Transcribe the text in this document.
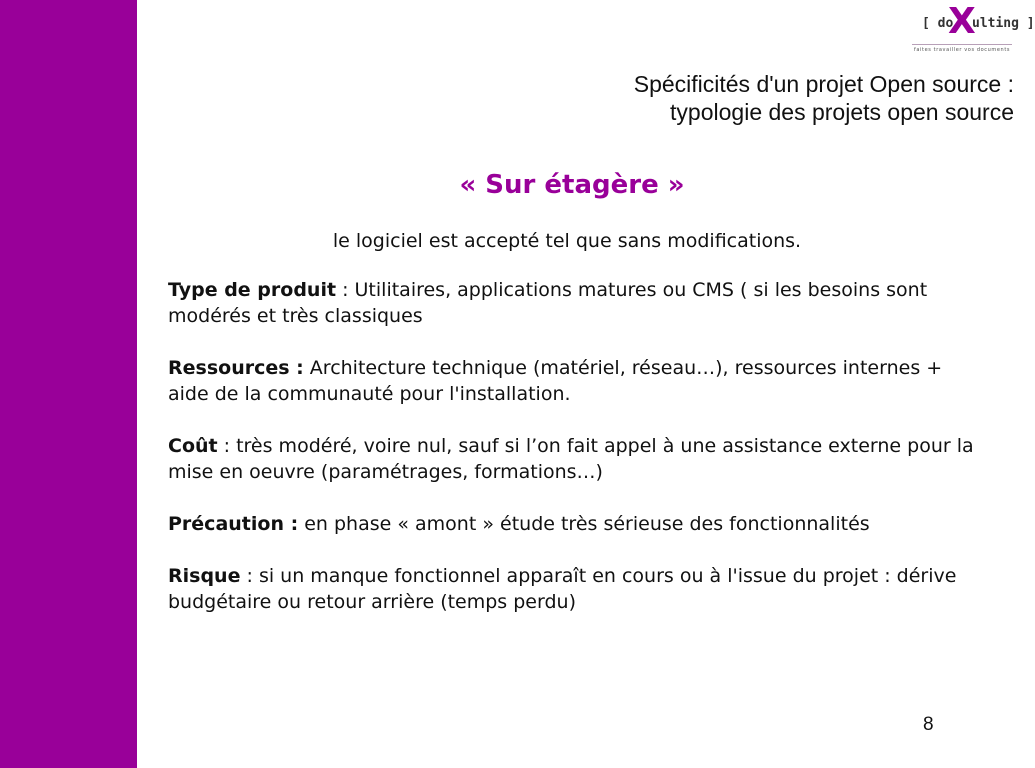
[ do
X
ulting ]
faites travailler vos documents
Spécificités d'un projet Open source :
typologie des projets open source
« Sur étagère »
le logiciel est accepté tel que sans modifications.

Type de produit : Utilitaires, applications matures ou CMS ( si les besoins sont modérés et très classiques

Ressources : Architecture technique (matériel, réseau…), ressources internes + aide de la communauté pour l'installation.

Coût : très modéré, voire nul, sauf si l’on fait appel à une assistance externe pour la mise en oeuvre (paramétrages, formations…)

Précaution : en phase « amont » étude très sérieuse des fonctionnalités

Risque : si un manque fonctionnel apparaît en cours ou à l'issue du projet : dérive budgétaire ou retour arrière (temps perdu)

8
